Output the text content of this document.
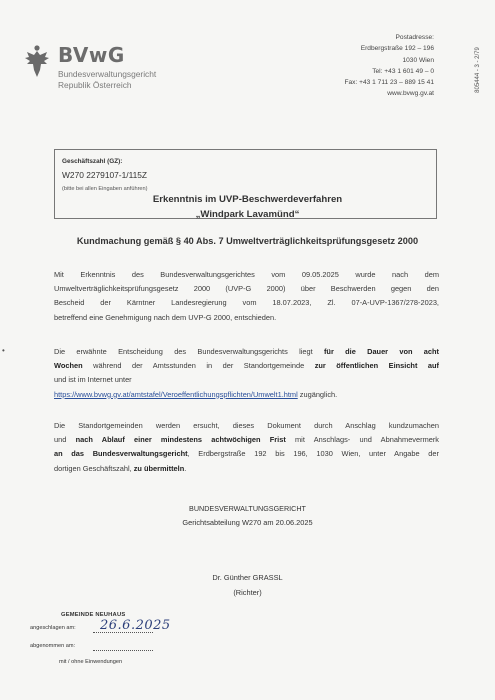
BVwG
Bundesverwaltungsgericht
Republik Österreich
Postadresse:
Erdbergstraße 192 – 196
1030 Wien
Tel: +43 1 601 49 – 0
Fax: +43 1 711 23 – 889 15 41
www.bvwg.gv.at
805444 - 3 - 2/79
Geschäftszahl (GZ):
W270 2279107-1/115Z
(bitte bei allen Eingaben anführen)
Erkenntnis im UVP-Beschwerdeverfahren
„Windpark Lavamünd“
Kundmachung gemäß § 40 Abs. 7 Umweltverträglichkeitsprüfungsgesetz 2000
•
Mit Erkenntnis des Bundesverwaltungsgerichtes vom 09.05.2025 wurde nach dem
Umweltverträglichkeitsprüfungsgesetz 2000 (UVP-G 2000) über Beschwerden gegen den
Bescheid der Kärntner Landesregierung vom 18.07.2023, Zl. 07-A-UVP-1367/278-2023,
betreffend eine Genehmigung nach dem UVP-G 2000, entschieden.
Die erwähnte Entscheidung des Bundesverwaltungsgerichts liegt für die Dauer von acht
Wochen während der Amtsstunden in der Standortgemeinde zur öffentlichen Einsicht auf
und ist im Internet unter
https://www.bvwg.gv.at/amtstafel/Veroeffentlichungspflichten/Umwelt1.html zugänglich.
Die Standortgemeinden werden ersucht, dieses Dokument durch Anschlag kundzumachen
und nach Ablauf einer mindestens achtwöchigen Frist mit Anschlags- und Abnahmevermerk
an das Bundesverwaltungsgericht, Erdbergstraße 192 bis 196, 1030 Wien, unter Angabe der
dortigen Geschäftszahl, zu übermitteln.
BUNDESVERWALTUNGSGERICHT
Gerichtsabteilung W270 am 20.06.2025
Dr. Günther GRASSL
(Richter)
GEMEINDE NEUHAUS
angeschlagen am: 26.6.2025
abgenommen am:
mit / ohne Einwendungen
